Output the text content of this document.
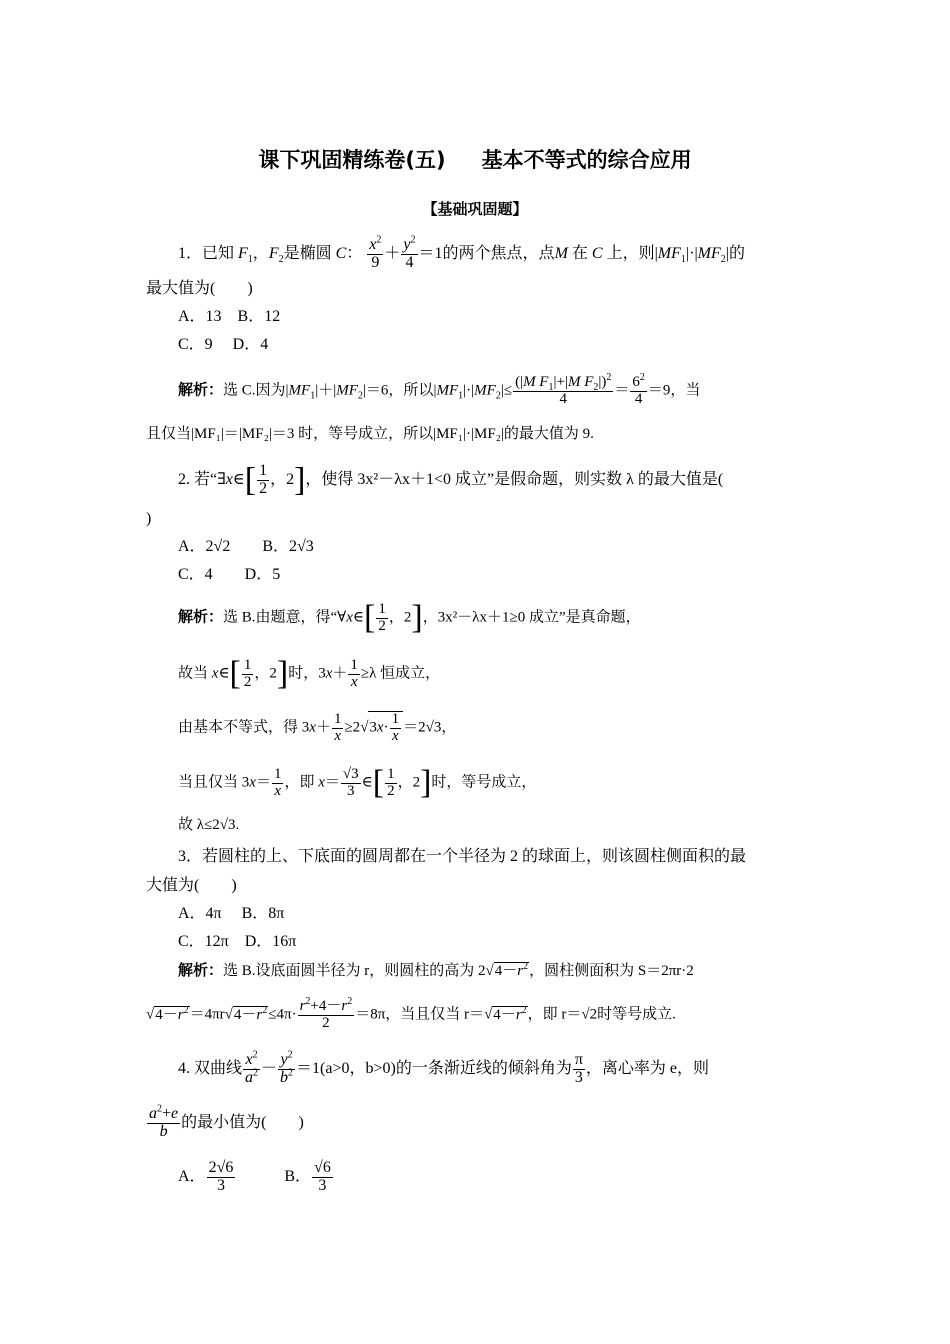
课下巩固精练卷(五) 基本不等式的综合应用
【基础巩固题】
1．已知 $F_1$，$F_2$是椭圆 C： $\frac{x^2}{9} + \frac{y^2}{4} =1$的两个焦点，点M 在 C 上，则$|MF_1|\cdot|MF_2|$的
最大值为(　　)
A．13　B．12
C．9　 D．4
解析：选 C.因为$|MF_1|+|MF_2|=6$，所以$|MF_1|\cdot|MF_2|\le \frac{(|M F_1|+|M F_2|)^2}{4} = \frac{6^2}{4} =9$，当
且仅当|MF₁|＝|MF₂|＝3 时，等号成立，所以|MF₁|·|MF₂|的最大值为 9.
2. 若“∃x∈[ $\frac{1}{2}$ ，2]，使得 3x²－λx＋1<0 成立”是假命题，则实数 λ 的最大值是(
)
A．2√2　　B．2√3
C．4　　D．5
解析：选 B.由题意，得“∀x∈[ $\frac{1}{2}$ ，2]，3x²－λx＋1≥0 成立”是真命题，
故当 x∈[ $\frac{1}{2}$ ，2]时，$3x+ \frac{1}{x} \ge\lambda$ 恒成立，
由基本不等式，得 $3x+ \frac{1}{x} \ge 2√3x\cdot \frac{1}{x} =2√3$，
当且仅当 $3x= \frac{1}{x}$ ，即 $x= \frac{√3}{3}$ ∈[ $\frac{1}{2}$ ，2]时，等号成立，
故 λ≤2√3.
3．若圆柱的上、下底面的圆周都在一个半径为 2 的球面上，则该圆柱侧面积的最
大值为(　　)
A．4π　 B．8π
C．12π　D．16π
解析：选 B.设底面圆半径为 r，则圆柱的高为 $2√4-r^2$，圆柱侧面积为 S＝2πr·2
$√4-r^2=4\pi r√4-r^2\le 4\pi\cdot \frac{r^2+4-r^2}{2} =8\pi$，当且仅当 $r=√4-r^2$，即 r＝√2时等号成立.
4. 双曲线 $\frac{x^2}{a^2} - \frac{y^2}{b^2} =1(a>0$，b>0)的一条渐近线的倾斜角为 $\frac{\pi}{3}$ ，离心率为 e，则
$\frac{a^2+e}{b}$ 的最小值为(　　)
A． $\frac{2√6}{3}$	B． $\frac{√6}{3}$
